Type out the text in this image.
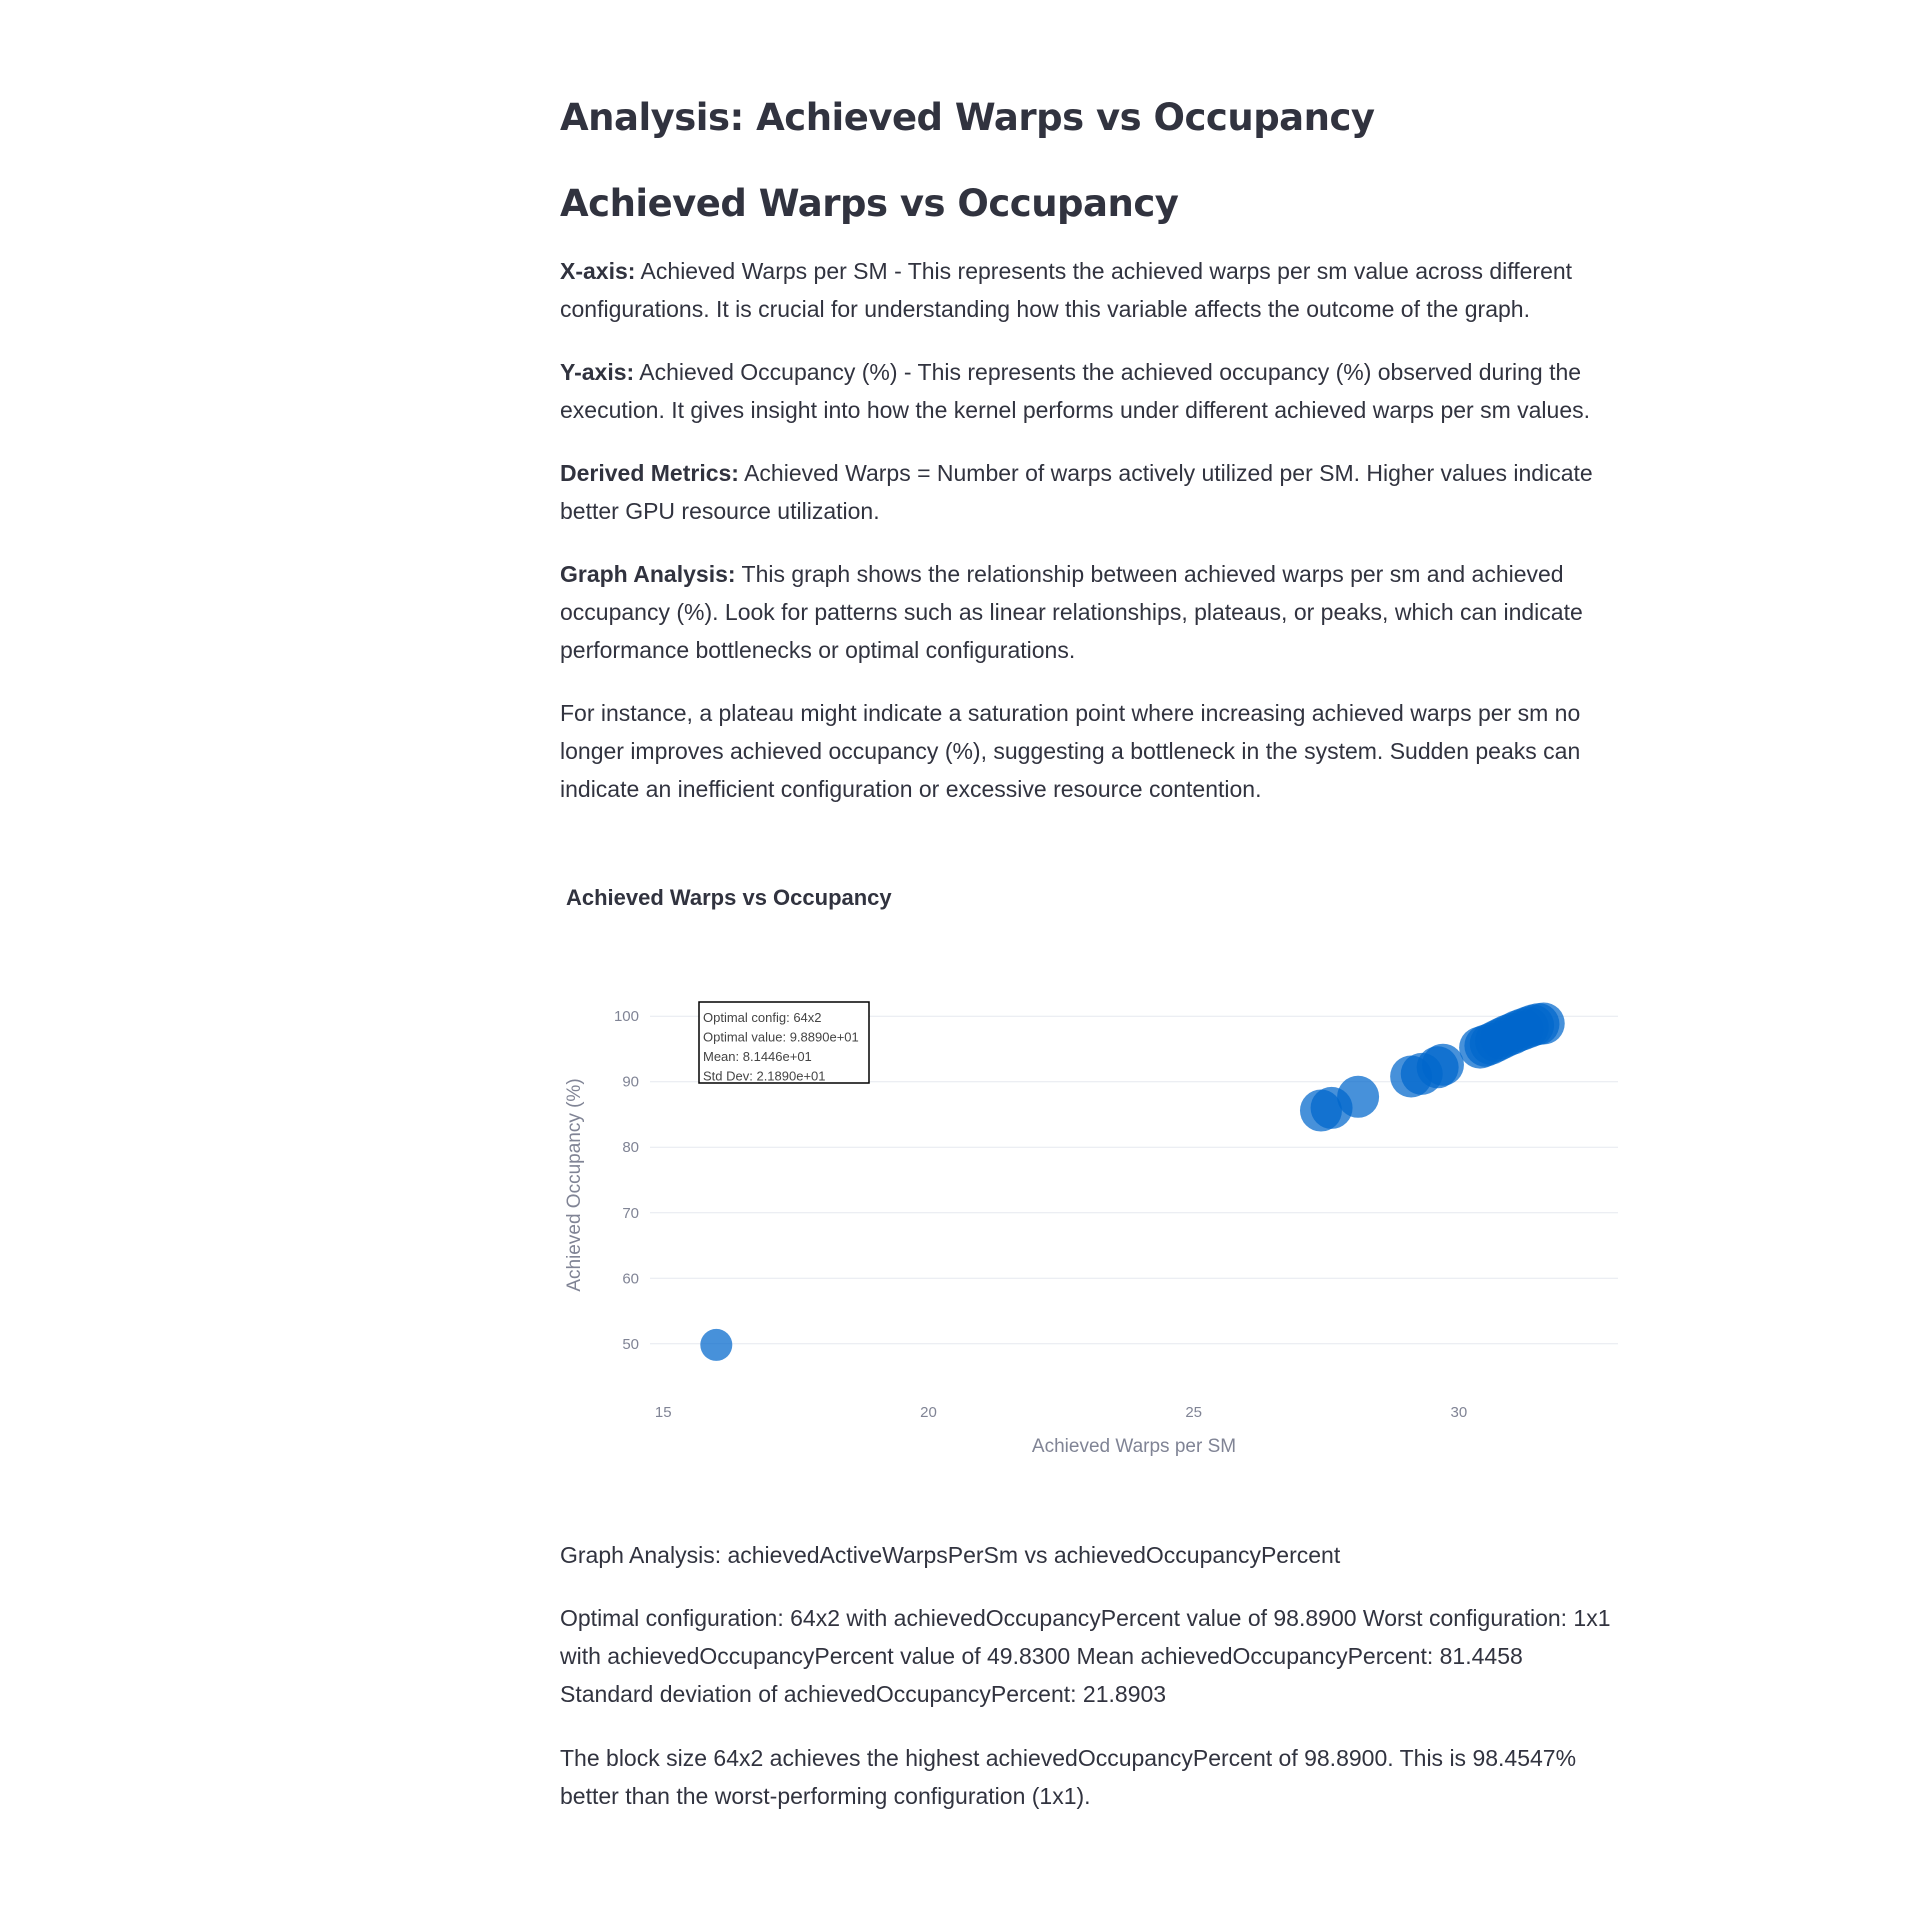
Analysis: Achieved Warps vs Occupancy
Achieved Warps vs Occupancy

X-axis: Achieved Warps per SM - This represents the achieved warps per sm value across different configurations. It is crucial for understanding how this variable affects the outcome of the graph.

Y-axis: Achieved Occupancy (%) - This represents the achieved occupancy (%) observed during the execution. It gives insight into how the kernel performs under different achieved warps per sm values.

Derived Metrics: Achieved Warps = Number of warps actively utilized per SM. Higher values indicate better GPU resource utilization.

Graph Analysis: This graph shows the relationship between achieved warps per sm and achieved occupancy (%). Look for patterns such as linear relationships, plateaus, or peaks, which can indicate performance bottlenecks or optimal configurations.

For instance, a plateau might indicate a saturation point where increasing achieved warps per sm no longer improves achieved occupancy (%), suggesting a bottleneck in the system. Sudden peaks can indicate an inefficient configuration or excessive resource contention.

Achieved Warps vs Occupancy
50
60
70
80
90
100
15	20	25	30
Optimal config: 64x2
Optimal value: 9.8890e+01
Mean: 8.1446e+01
Std Dev: 2.1890e+01
Achieved Warps per SM
Achieved Occupancy (%)

Graph Analysis: achievedActiveWarpsPerSm vs achievedOccupancyPercent

Optimal configuration: 64x2 with achievedOccupancyPercent value of 98.8900 Worst configuration: 1x1 with achievedOccupancyPercent value of 49.8300 Mean achievedOccupancyPercent: 81.4458 Standard deviation of achievedOccupancyPercent: 21.8903

The block size 64x2 achieves the highest achievedOccupancyPercent of 98.8900. This is 98.4547% better than the worst-performing configuration (1x1).
